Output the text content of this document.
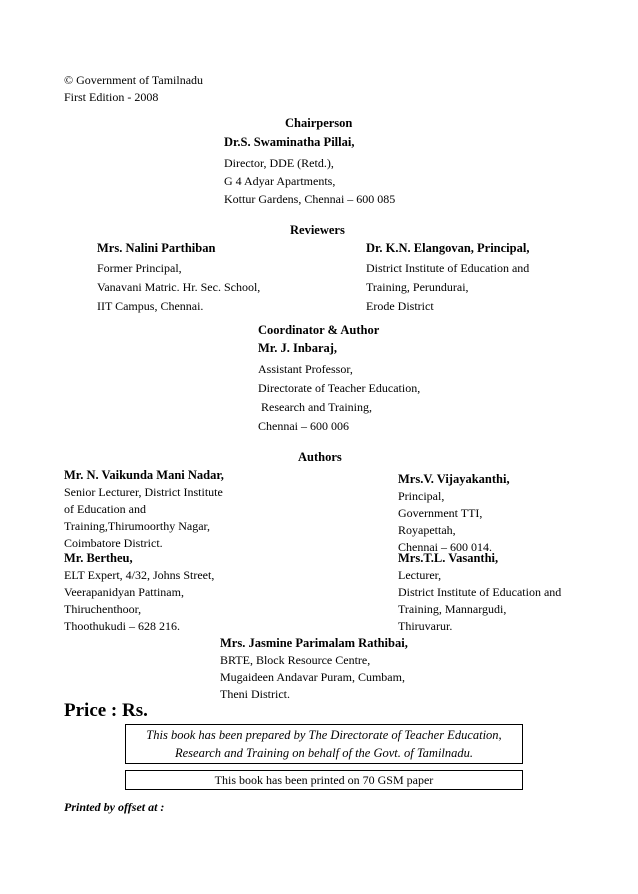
© Government of Tamilnadu
First Edition - 2008
Chairperson
Dr.S. Swaminatha Pillai,
Director, DDE (Retd.),
G 4 Adyar Apartments,
Kottur Gardens, Chennai – 600 085
Reviewers
Mrs. Nalini Parthiban
Former Principal,
Vanavani Matric. Hr. Sec. School,
IIT Campus, Chennai.
Dr. K.N. Elangovan, Principal,
District Institute of Education and
Training, Perundurai,
Erode District
Coordinator & Author
Mr. J. Inbaraj,
Assistant Professor,
Directorate of Teacher Education,
Research and Training,
Chennai – 600 006
Authors
Mr. N. Vaikunda Mani Nadar,
Senior Lecturer, District Institute
of Education and
Training,Thirumoorthy Nagar,
Coimbatore District.
Mrs.V. Vijayakanthi,
Principal,
Government TTI,
Royapettah,
Chennai – 600 014.
Mr. Bertheu,
ELT Expert, 4/32, Johns Street,
Veerapanidyan Pattinam,
Thiruchenthoor,
Thoothukudi – 628 216.
Mrs.T.L. Vasanthi,
Lecturer,
District Institute of Education and
Training, Mannargudi,
Thiruvarur.
Mrs. Jasmine Parimalam Rathibai,
BRTE, Block Resource Centre,
Mugaideen Andavar Puram, Cumbam,
Theni District.
Price : Rs.
This book has been prepared by The Directorate of Teacher Education,
Research and Training on behalf of the Govt. of Tamilnadu.
This book has been printed on 70 GSM paper
Printed by offset at :
